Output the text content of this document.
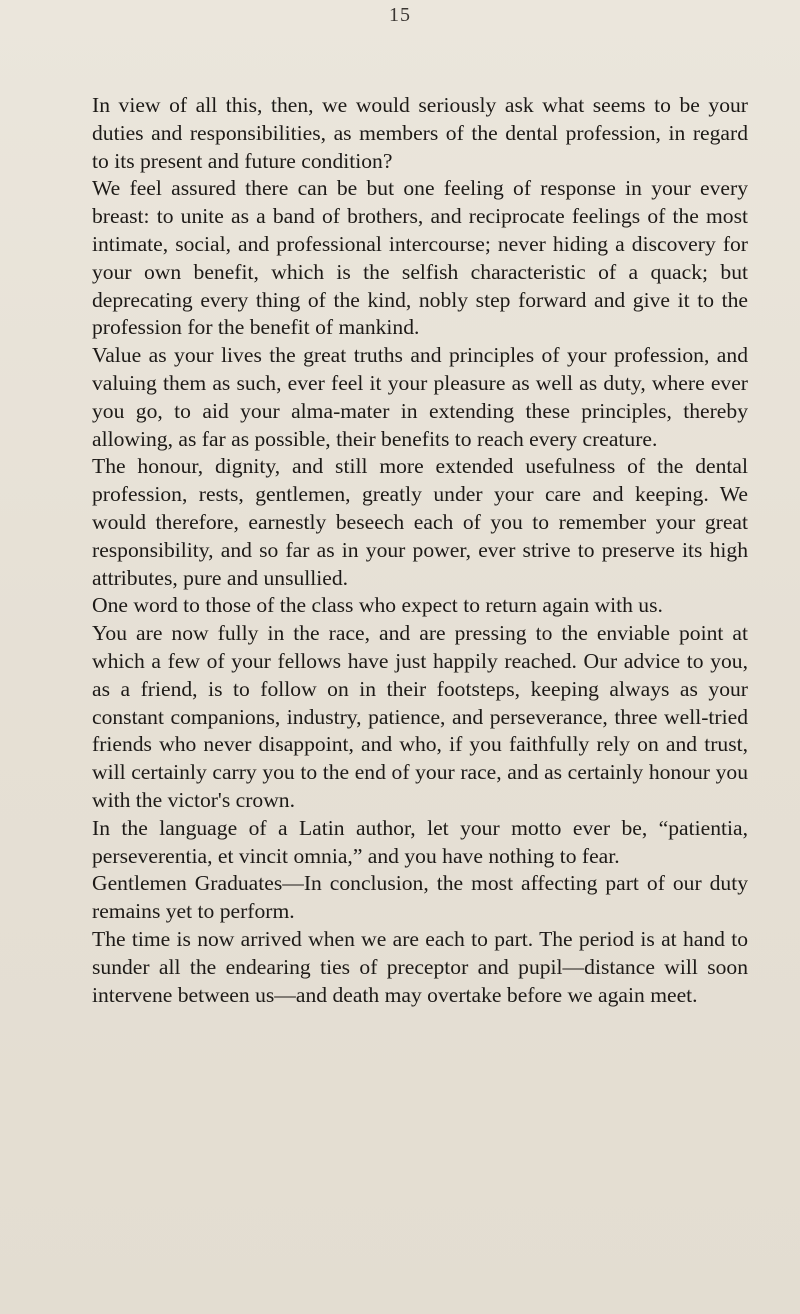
15

In view of all this, then, we would seriously ask what seems to be your duties and responsibilities, as members of the dental profession, in regard to its present and future condition?

We feel assured there can be but one feeling of response in your every breast: to unite as a band of brothers, and reciprocate feelings of the most intimate, social, and professional intercourse; never hiding a discovery for your own benefit, which is the selfish characteristic of a quack; but deprecating every thing of the kind, nobly step forward and give it to the profession for the benefit of mankind.

Value as your lives the great truths and principles of your profession, and valuing them as such, ever feel it your pleasure as well as duty, where ever you go, to aid your alma-mater in extending these principles, thereby allowing, as far as possible, their benefits to reach every creature.

The honour, dignity, and still more extended usefulness of the dental profession, rests, gentlemen, greatly under your care and keeping. We would therefore, earnestly beseech each of you to remember your great responsibility, and so far as in your power, ever strive to preserve its high attributes, pure and unsullied.

One word to those of the class who expect to return again with us.

You are now fully in the race, and are pressing to the enviable point at which a few of your fellows have just happily reached. Our advice to you, as a friend, is to follow on in their footsteps, keeping always as your constant companions, industry, patience, and perseverance, three well-tried friends who never disappoint, and who, if you faithfully rely on and trust, will certainly carry you to the end of your race, and as certainly honour you with the victor's crown.

In the language of a Latin author, let your motto ever be, “patientia, perseverentia, et vincit omnia,” and you have nothing to fear.

Gentlemen Graduates—In conclusion, the most affecting part of our duty remains yet to perform.

The time is now arrived when we are each to part. The period is at hand to sunder all the endearing ties of preceptor and pupil—distance will soon intervene between us—and death may overtake before we again meet.
